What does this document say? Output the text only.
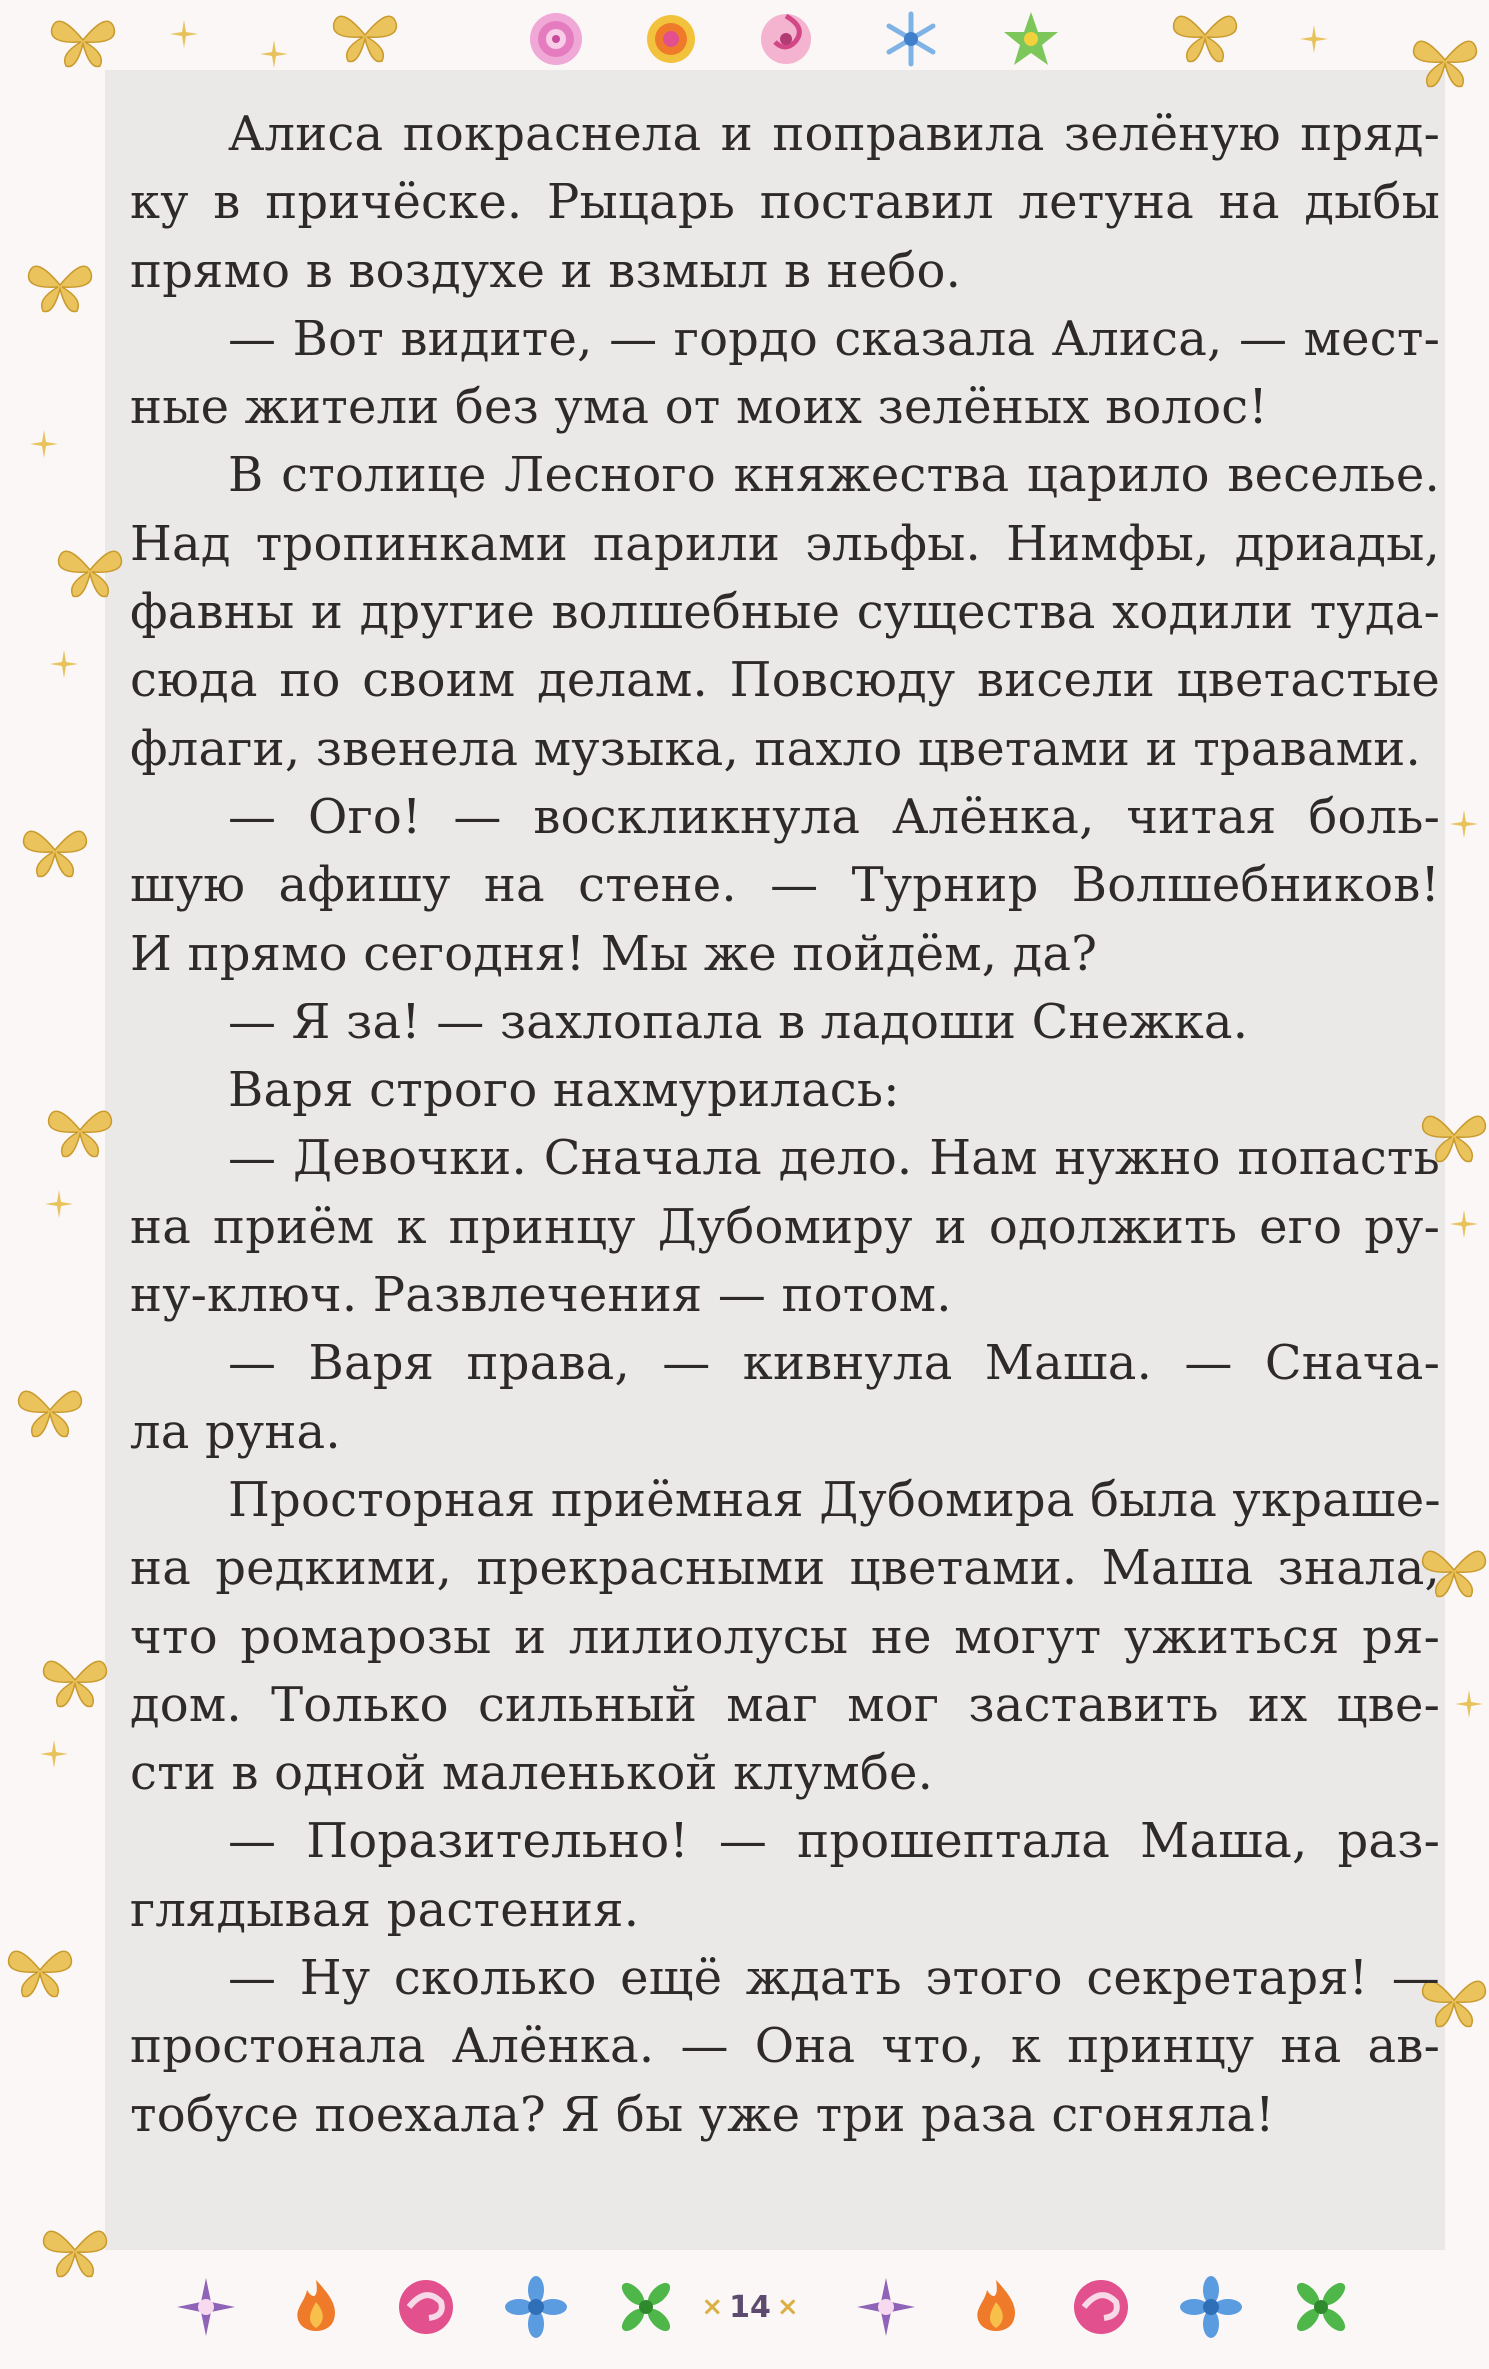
Алиса покраснела и поправила зелёную пряд-
ку в причёске. Рыцарь поставил летуна на дыбы
прямо в воздухе и взмыл в небо.
— Вот видите, — гордо сказала Алиса, — мест-
ные жители без ума от моих зелёных волос!
В столице Лесного княжества царило веселье.
Над тропинками парили эльфы. Нимфы, дриады,
фавны и другие волшебные существа ходили туда-
сюда по своим делам. Повсюду висели цветастые
флаги, звенела музыка, пахло цветами и травами.
— Ого! — воскликнула Алёнка, читая боль-
шую афишу на стене. — Турнир Волшебников!
И прямо сегодня! Мы же пойдём, да?
— Я за! — захлопала в ладоши Снежка.
Варя строго нахмурилась:
— Девочки. Сначала дело. Нам нужно попасть
на приём к принцу Дубомиру и одолжить его ру-
ну-ключ. Развлечения — потом.
— Варя права, — кивнула Маша. — Снача-
ла руна.
Просторная приёмная Дубомира была украше-
на редкими, прекрасными цветами. Маша знала,
что ромарозы и лилиолусы не могут ужиться ря-
дом. Только сильный маг мог заставить их цве-
сти в одной маленькой клумбе.
— Поразительно! — прошептала Маша, раз-
глядывая растения.
— Ну сколько ещё ждать этого секретаря! —
простонала Алёнка. — Она что, к принцу на ав-
тобусе поехала? Я бы уже три раза сгоняла!
× 14 ×
